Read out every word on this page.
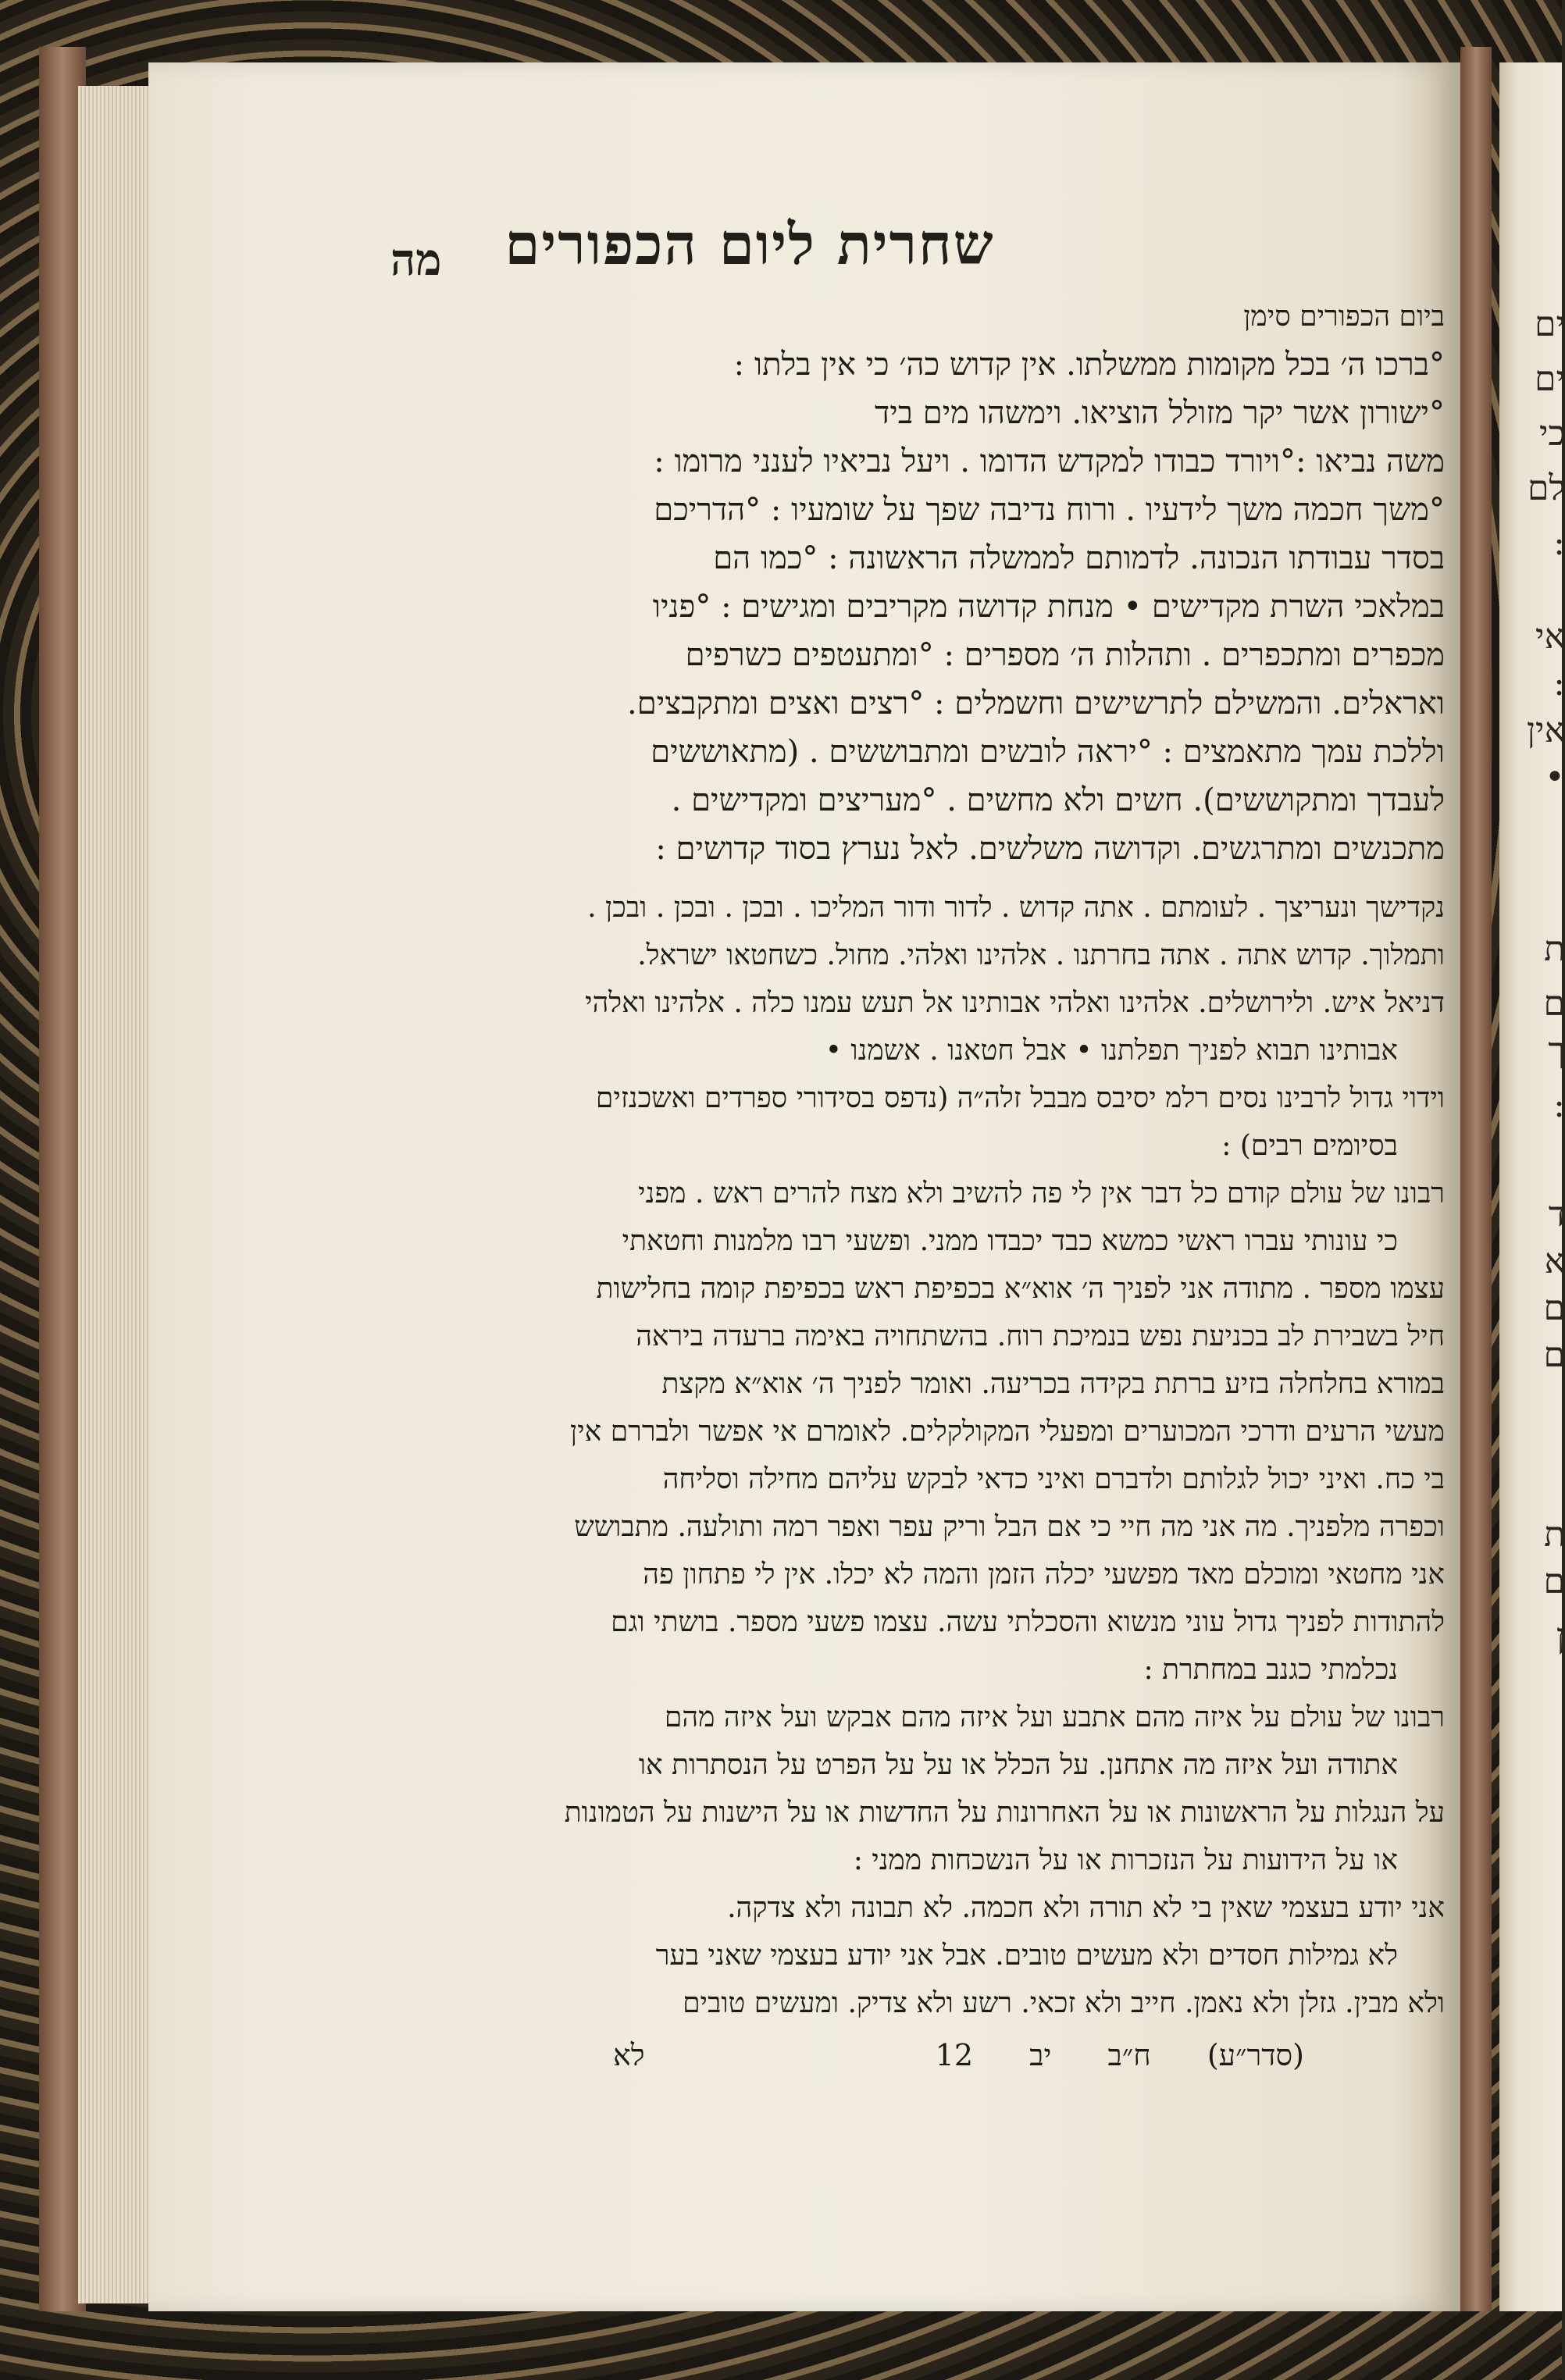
ים
ים
כי
לם
:
אי
:
אין
•
ת
ם
ך
:
ד
א
ם
ם
ת
ם
ן
מה	שחרית ליום הכפורים
ביום הכפורים סימן
°ברכו ה׳ בכל מקומות ממשלתו. אין קדוש כה׳ כי אין בלתו :
°ישורון אשר יקר מזולל הוציאו. וימשהו מים ביד
משה נביאו :°ויורד כבודו למקדש הדומו . ויעל נביאיו לענני מרומו :
°משך חכמה משך לידעיו . ורוח נדיבה שפך על שומעיו : °הדריכם
בסדר עבודתו הנכונה. לדמותם לממשלה הראשונה : °כמו הם
במלאכי השרת מקדישים • מנחת קדושה מקריבים ומגישים : °פניו
מכפרים ומתכפרים . ותהלות ה׳ מספרים : °ומתעטפים כשרפים
ואראלים. והמשילם לתרשישים וחשמלים : °רצים ואצים ומתקבצים.
וללכת עמך מתאמצים : °יראה לובשים ומתבוששים . (מתאוששים
לעבדך ומתקוששים). חשים ולא מחשים . °מעריצים ומקדישים .
מתכנשים ומתרגשים. וקדושה משלשים. לאל נערץ בסוד קדושים :
נקדישך ונעריצך . לעומתם . אתה קדוש . לדור ודור המליכו . ובכן . ובכן . ובכן .
ותמלוך. קדוש אתה . אתה בחרתנו . אלהינו ואלהי. מחול. כשחטאו ישראל.
דניאל איש. ולירושלים. אלהינו ואלהי אבותינו אל תעש עמנו כלה . אלהינו ואלהי
אבותינו תבוא לפניך תפלתנו • אבל חטאנו . אשמנו •
וידוי גדול לרבינו נסים רלמ יסיבס מבבל זלה״ה (נדפס בסידורי ספרדים ואשכנזים
בסיומים רבים) :
רבונו של עולם קודם כל דבר אין לי פה להשיב ולא מצח להרים ראש . מפני
כי עונותי עברו ראשי כמשא כבד יכבדו ממני. ופשעי רבו מלמנות וחטאתי
עצמו מספר . מתודה אני לפניך ה׳ אוא״א בכפיפת ראש בכפיפת קומה בחלישות
חיל בשבירת לב בכניעת נפש בנמיכת רוח. בהשתחויה באימה ברעדה ביראה
במורא בחלחלה בזיע ברתת בקידה בכריעה. ואומר לפניך ה׳ אוא״א מקצת
מעשי הרעים ודרכי המכוערים ומפעלי המקולקלים. לאומרם אי אפשר ולבררם אין
בי כח. ואיני יכול לגלותם ולדברם ואיני כדאי לבקש עליהם מחילה וסליחה
וכפרה מלפניך. מה אני מה חיי כי אם הבל וריק עפר ואפר רמה ותולעה. מתבושש
אני מחטאי ומוכלם מאד מפשעי יכלה הזמן והמה לא יכלו. אין לי פתחון פה
להתודות לפניך גדול עוני מנשוא והסכלתי עשה. עצמו פשעי מספר. בושתי וגם
נכלמתי כגנב במחתרת :
רבונו של עולם על איזה מהם אתבע ועל איזה מהם אבקש ועל איזה מהם
אתודה ועל איזה מה אתחנן. על הכלל או על על הפרט על הנסתרות או
על הנגלות על הראשונות או על האחרונות על החדשות או על הישנות על הטמונות
או על הידועות על הנזכרות או על הנשכחות ממני :
אני יודע בעצמי שאין בי לא תורה ולא חכמה. לא תבונה ולא צדקה.
לא גמילות חסדים ולא מעשים טובים. אבל אני יודע בעצמי שאני בער
ולא מבין. גזלן ולא נאמן. חייב ולא זכאי. רשע ולא צדיק. ומעשים טובים
(סדר״ע) ח״ב יב 12 לא
